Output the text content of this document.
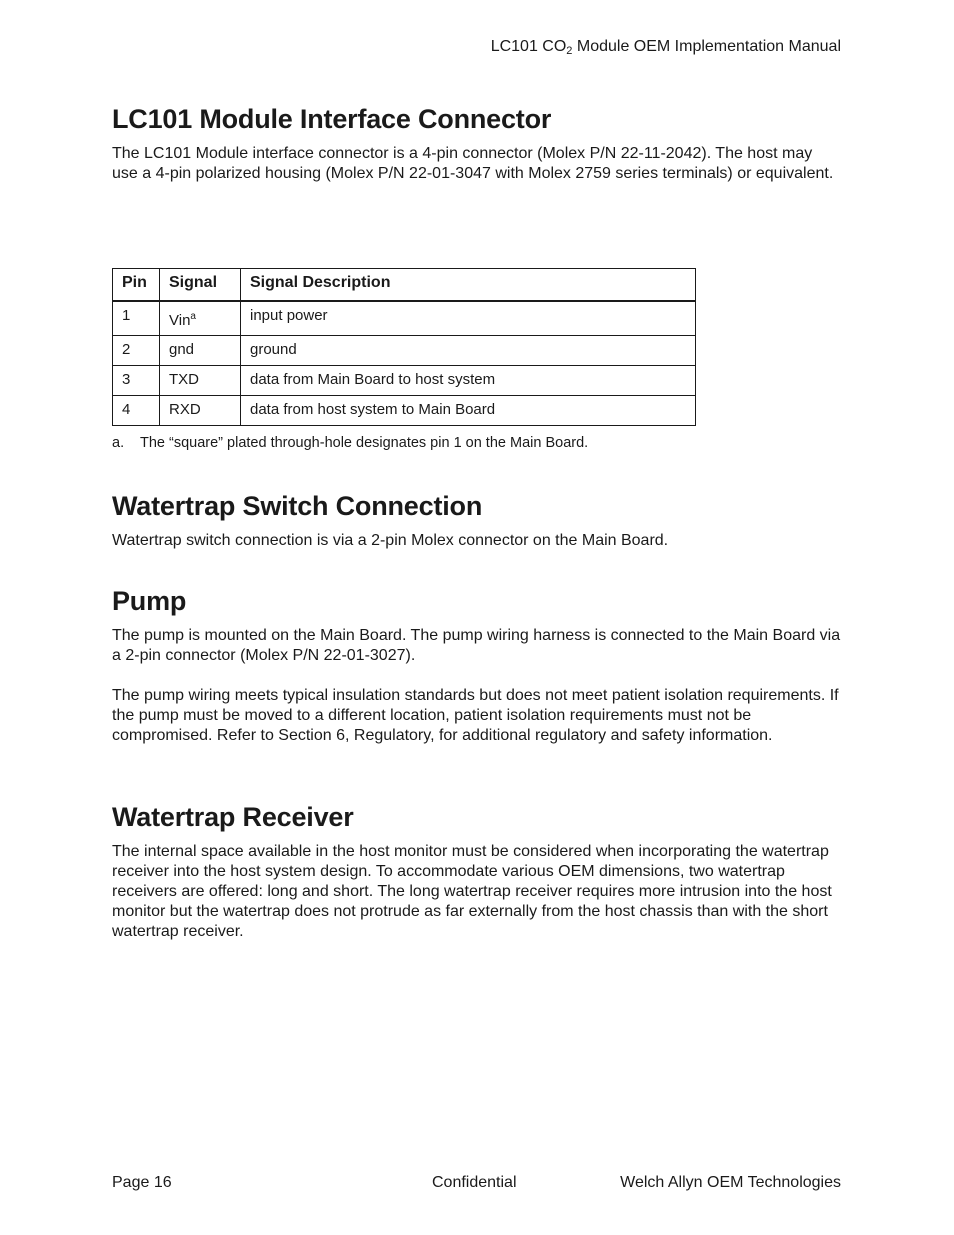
LC101 $CO_2$ Module OEM Implementation Manual
LC101 Module Interface Connector

The LC101 Module interface connector is a 4-pin connector (Molex P/N 22-11-2042). The host may use a 4-pin polarized housing (Molex P/N 22-01-3047 with Molex 2759 series terminals) or equivalent.

Pin	Signal	Signal Description
1	Vin$^a$	input power
2	gnd	ground
3	TXD	data from Main Board to host system
4	RXD	data from host system to Main Board
a. The “square” plated through-hole designates pin 1 on the Main Board.
Watertrap Switch Connection

Watertrap switch connection is via a 2-pin Molex connector on the Main Board.

Pump

The pump is mounted on the Main Board. The pump wiring harness is connected to the Main Board via a 2-pin connector (Molex P/N 22-01-3027).

The pump wiring meets typical insulation standards but does not meet patient isolation requirements. If the pump must be moved to a different location, patient isolation requirements must not be compromised. Refer to Section 6, Regulatory, for additional regulatory and safety information.

Watertrap Receiver

The internal space available in the host monitor must be considered when incorporating the watertrap receiver into the host system design. To accommodate various OEM dimensions, two watertrap receivers are offered: long and short. The long watertrap receiver requires more intrusion into the host monitor but the watertrap does not protrude as far externally from the host chassis than with the short watertrap receiver.

Page 16	Confidential	Welch Allyn OEM Technologies
